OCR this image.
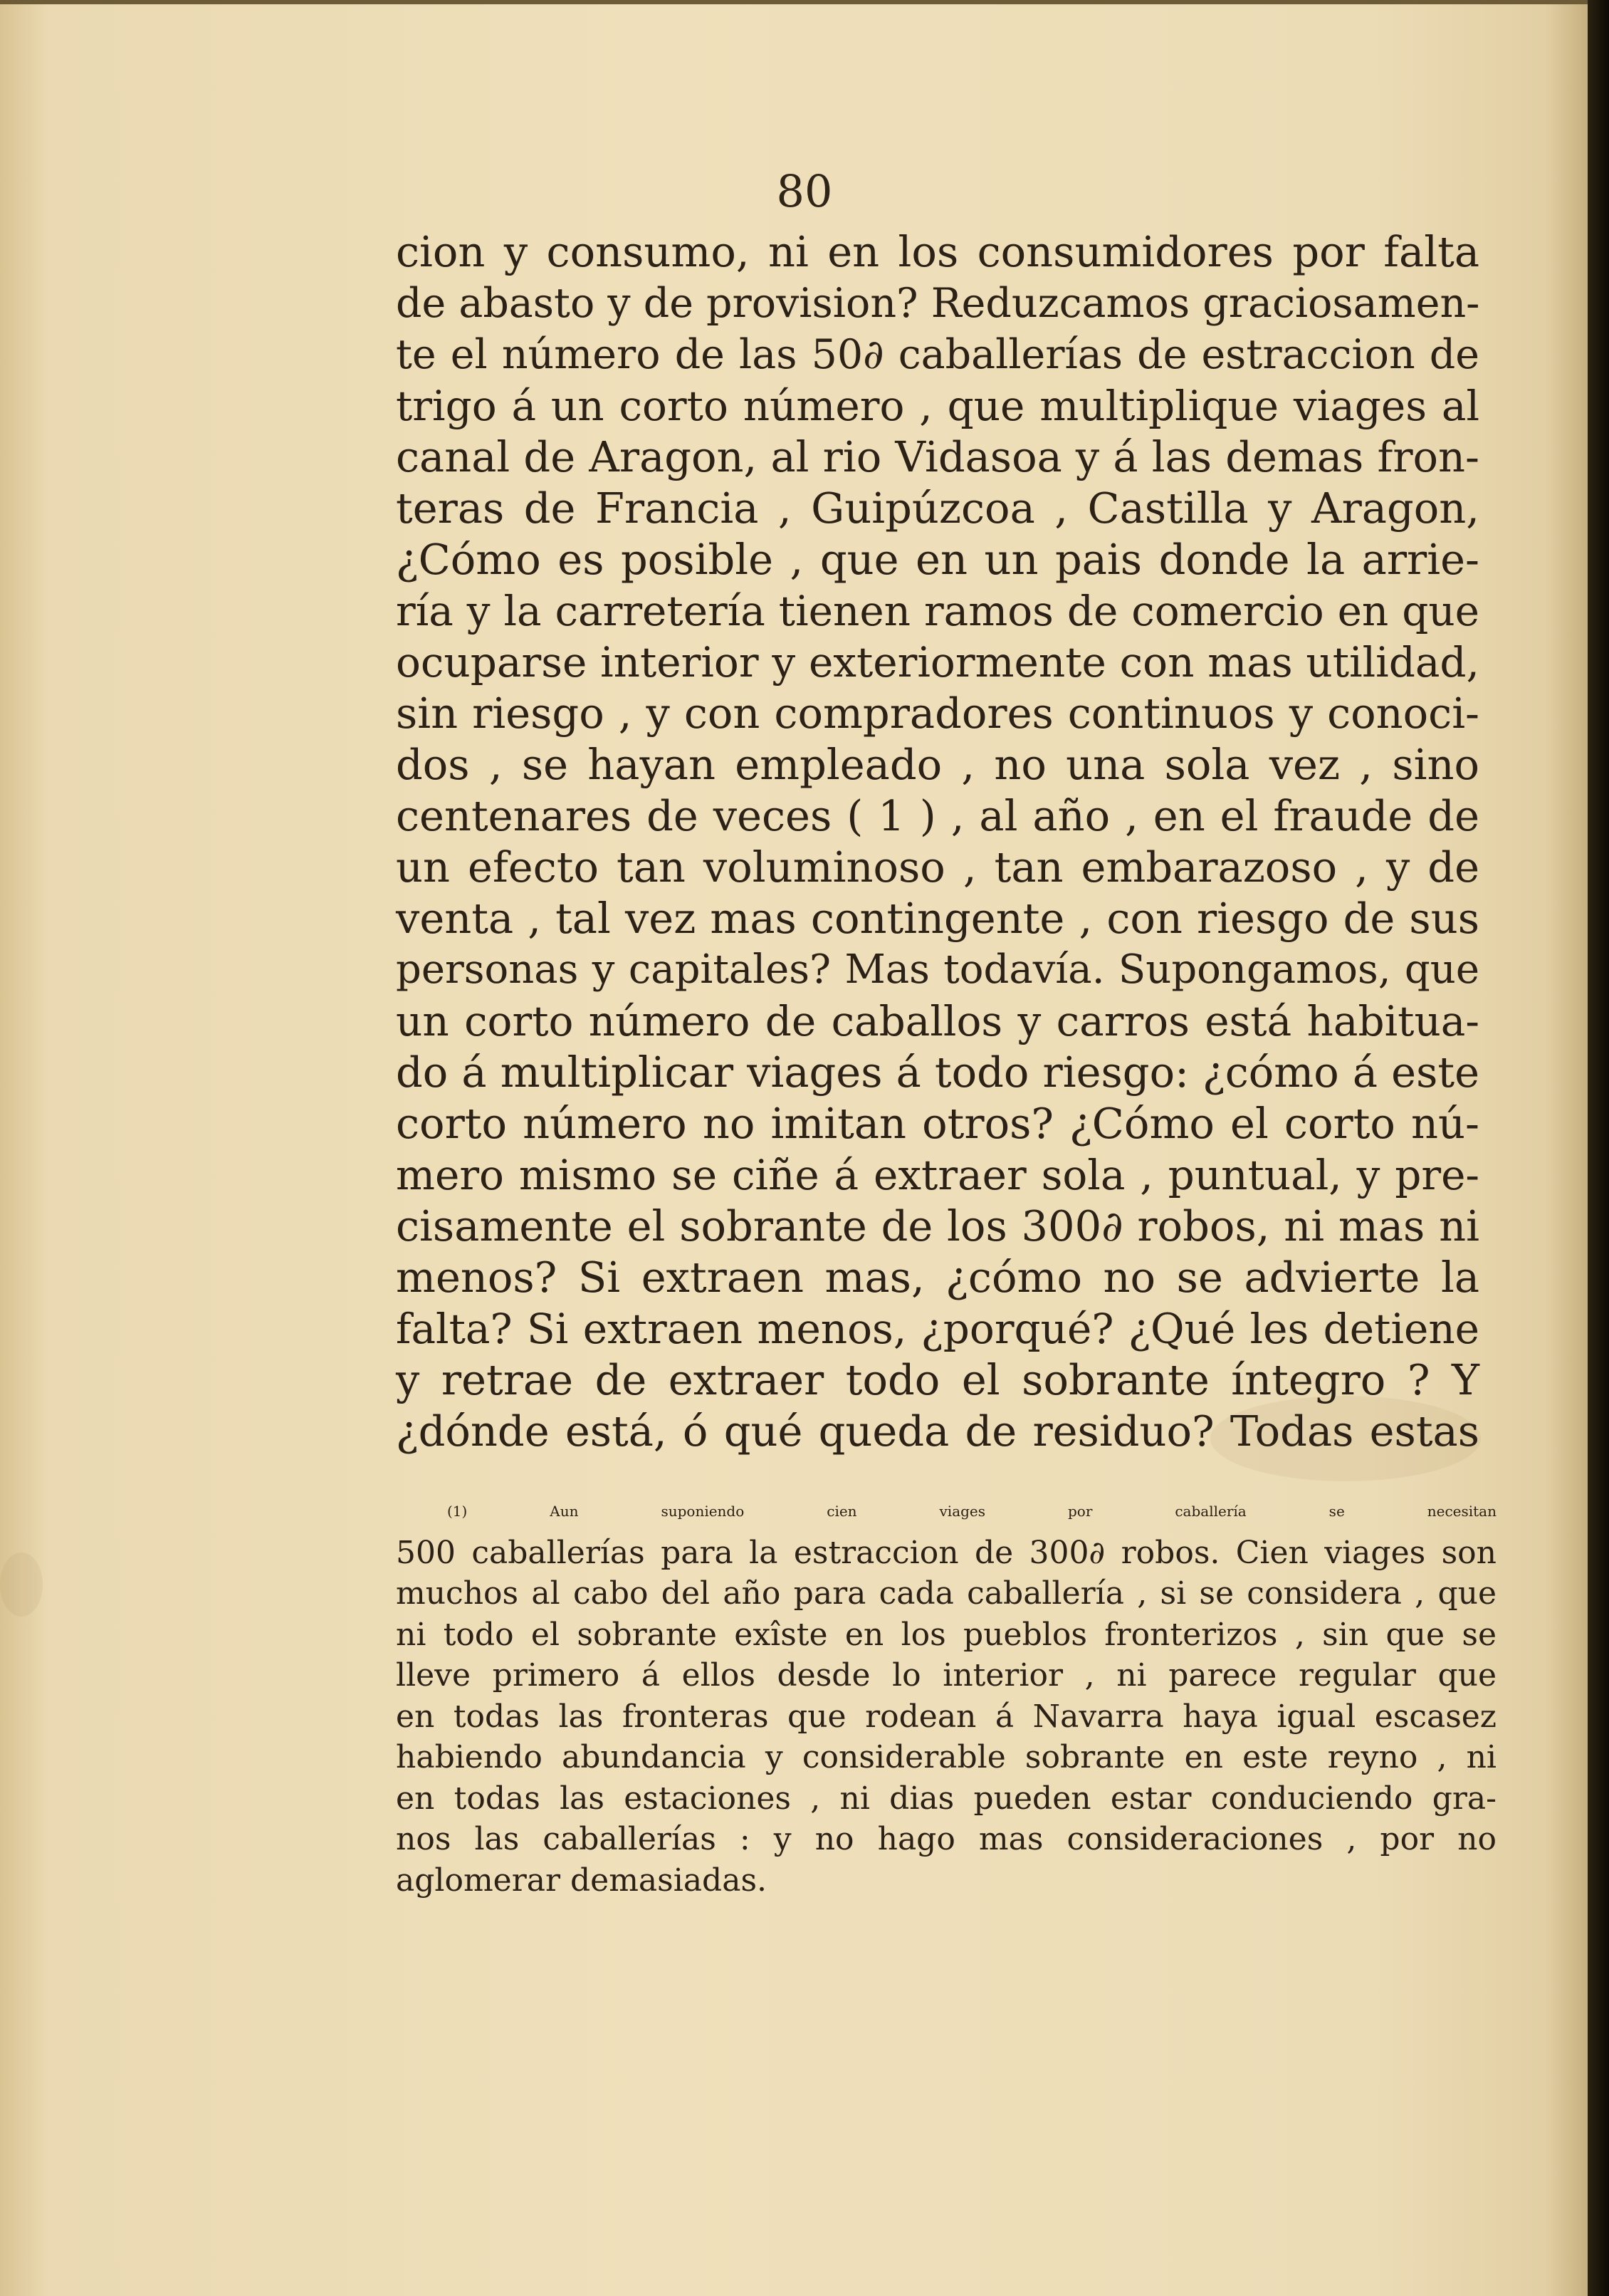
80
cion y consumo, ni en los consumidores por falta
de abasto y de provision? Reduzcamos graciosamen-
te el número de las 50∂ caballerías de estraccion de
trigo á un corto número , que multiplique viages al
canal de Aragon, al rio Vidasoa y á las demas fron-
teras de Francia , Guipúzcoa , Castilla y Aragon,
¿Cómo es posible , que en un pais donde la arrie-
ría y la carretería tienen ramos de comercio en que
ocuparse interior y exteriormente con mas utilidad,
sin riesgo , y con compradores continuos y conoci-
dos , se hayan empleado , no una sola vez , sino
centenares de veces ( 1 ) , al año , en el fraude de
un efecto tan voluminoso , tan embarazoso , y de
venta , tal vez mas contingente , con riesgo de sus
personas y capitales? Mas todavía. Supongamos, que
un corto número de caballos y carros está habitua-
do á multiplicar viages á todo riesgo: ¿cómo á este
corto número no imitan otros? ¿Cómo el corto nú-
mero mismo se ciñe á extraer sola , puntual, y pre-
cisamente el sobrante de los 300∂ robos, ni mas ni
menos? Si extraen mas, ¿cómo no se advierte la
falta? Si extraen menos, ¿porqué? ¿Qué les detiene
y retrae de extraer todo el sobrante íntegro ? Y
¿dónde está, ó qué queda de residuo? Todas estas
(1) Aun suponiendo cien viages por caballería se necesitan
500 caballerías para la estraccion de 300∂ robos. Cien viages son
muchos al cabo del año para cada caballería , si se considera , que
ni todo el sobrante exîste en los pueblos fronterizos , sin que se
lleve primero á ellos desde lo interior , ni parece regular que
en todas las fronteras que rodean á Navarra haya igual escasez
habiendo abundancia y considerable sobrante en este reyno , ni
en todas las estaciones , ni dias pueden estar conduciendo gra-
nos las caballerías : y no hago mas consideraciones , por no
aglomerar demasiadas.
